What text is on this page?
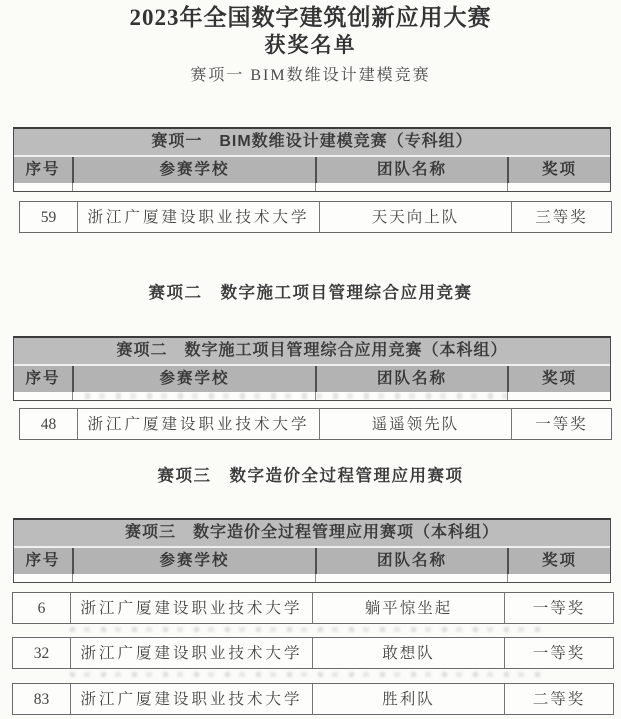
2023年全国数字建筑创新应用大赛
获奖名单
赛项一 BIM数维设计建模竞赛
赛项一　BIM数维设计建模竞赛（专科组）
序号	参赛学校	团队名称	奖项
59	浙江广厦建设职业技术大学	天天向上队	三等奖
赛项二　数字施工项目管理综合应用竞赛
赛项二　数字施工项目管理综合应用竞赛（本科组）
序号	参赛学校	团队名称	奖项
48	浙江广厦建设职业技术大学	遥遥领先队	一等奖
赛项三　数字造价全过程管理应用赛项
赛项三　数字造价全过程管理应用赛项（本科组）
序号	参赛学校	团队名称	奖项
6	浙江广厦建设职业技术大学	躺平惊坐起	一等奖
32	浙江广厦建设职业技术大学	敢想队	一等奖
83	浙江广厦建设职业技术大学	胜利队	二等奖
